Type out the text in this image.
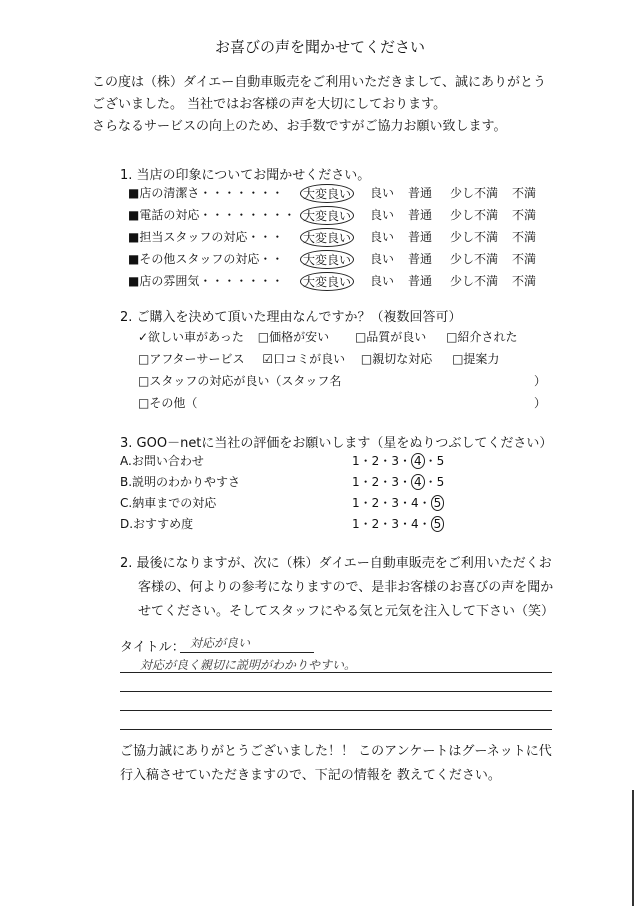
お喜びの声を聞かせてください
この度は（株）ダイエー自動車販売をご利用いただきまして、誠にありがとう
ございました。 当社ではお客様の声を大切にしております。
さらなるサービスの向上のため、お手数ですがご協力お願い致します。
1. 当店の印象についてお聞かせください。
■店の清潔さ・・・・・・・ 大変良い 良い 普通 少し不満 不満
■電話の対応・・・・・・・・ 大変良い 良い 普通 少し不満 不満
■担当スタッフの対応・・・ 大変良い 良い 普通 少し不満 不満
■その他スタッフの対応・・ 大変良い 良い 普通 少し不満 不満
■店の雰囲気・・・・・・・ 大変良い 良い 普通 少し不満 不満
2. ご購入を決めて頂いた理由なんですか？（複数回答可）
✓欲しい車があった □価格が安い □品質が良い □紹介された
□アフターサービス ☑口コミが良い □親切な対応 □提案力
□スタッフの対応が良い（スタッフ名	）
□その他（	）
3. GOO－netに当社の評価をお願いします（星をぬりつぶしてください）
A.お問い合わせ	1・2・3・ 4 ・5
B.説明のわかりやすさ	1・2・3・ 4 ・5
C.納車までの対応	1・2・3・4・ 5
D.おすすめ度	1・2・3・4・ 5
2. 最後になりますが、次に（株）ダイエー自動車販売をご利用いただくお
客様の、何よりの参考になりますので、是非お客様のお喜びの声を聞か
せてください。そしてスタッフにやる気と元気を注入して下さい（笑）
タイトル： 対応が良い
対応が良く親切に説明がわかりやすい。
ご協力誠にありがとうございました！！ このアンケートはグーネットに代
行入稿させていただきますので、下記の情報を 教えてください。
